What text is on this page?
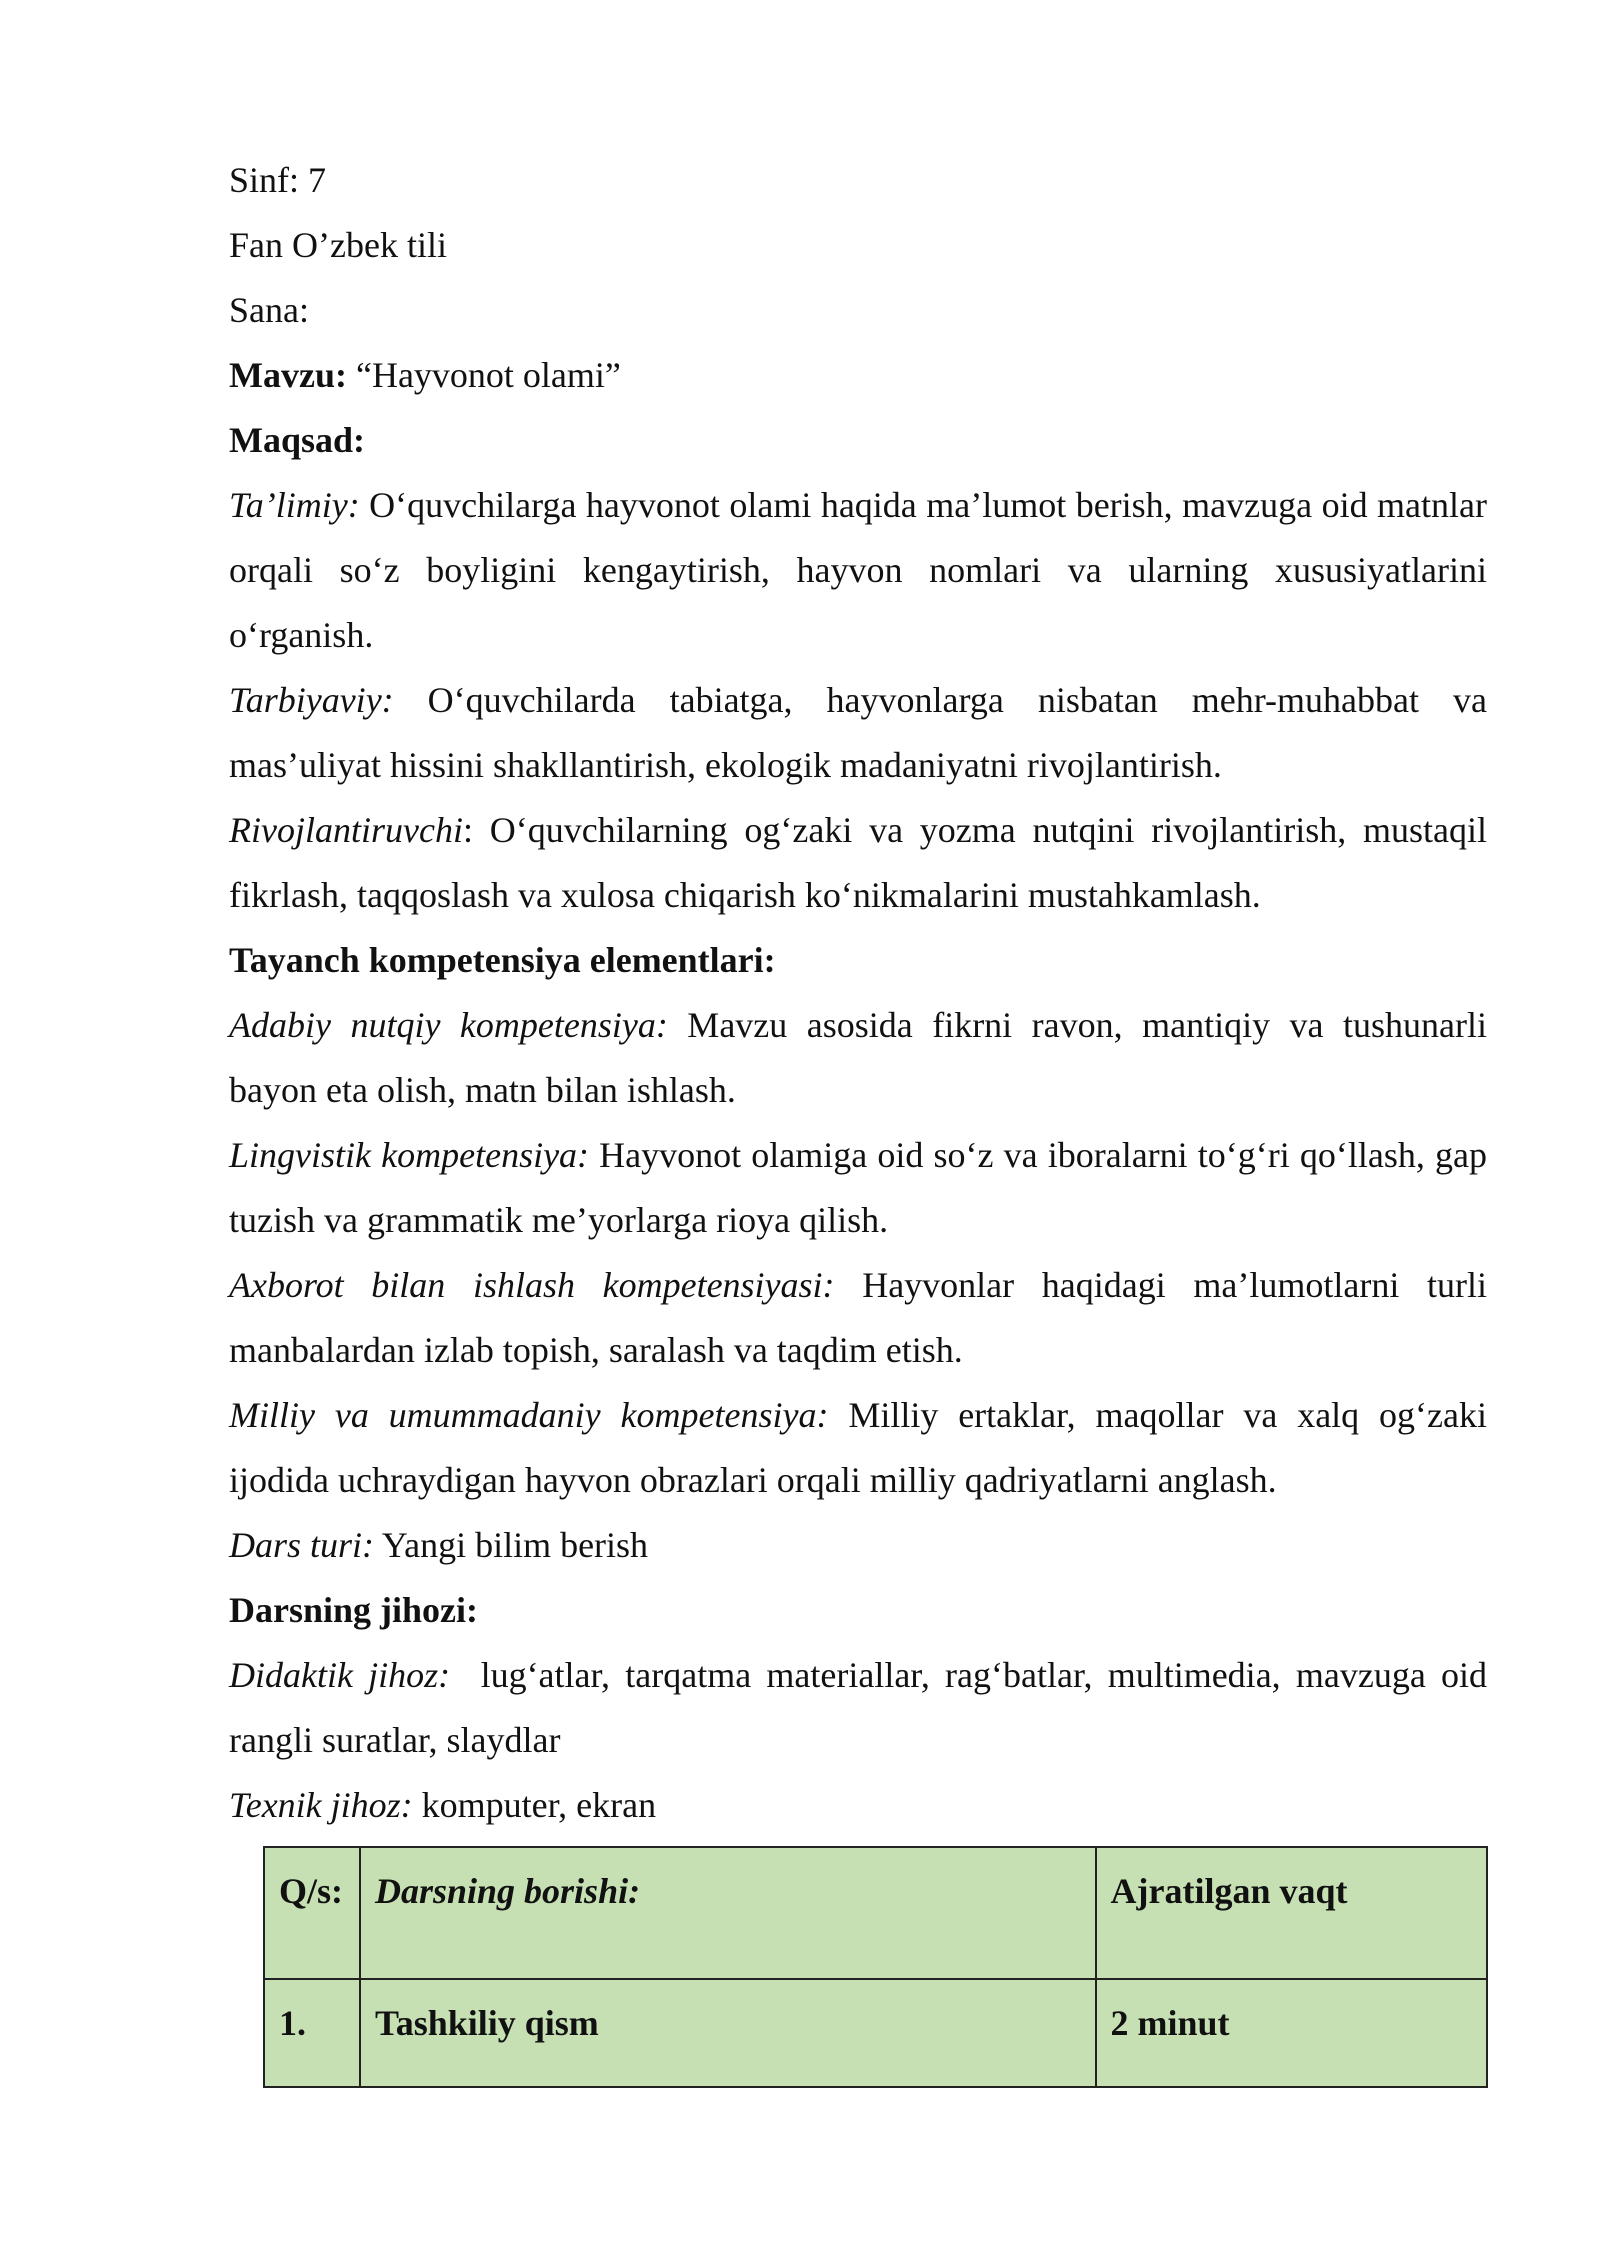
Sinf: 7

Fan O’zbek tili

Sana:

Mavzu: “Hayvonot olami”

Maqsad:

Ta’limiy: O‘quvchilarga hayvonot olami haqida ma’lumot berish, mavzuga oid matnlar orqali so‘z boyligini kengaytirish, hayvon nomlari va ularning xususiyatlarini o‘rganish.

Tarbiyaviy: O‘quvchilarda tabiatga, hayvonlarga nisbatan mehr-muhabbat va mas’uliyat hissini shakllantirish, ekologik madaniyatni rivojlantirish.

Rivojlantiruvchi: O‘quvchilarning og‘zaki va yozma nutqini rivojlantirish, mustaqil fikrlash, taqqoslash va xulosa chiqarish ko‘nikmalarini mustahkamlash.

Tayanch kompetensiya elementlari:

Adabiy nutqiy kompetensiya: Mavzu asosida fikrni ravon, mantiqiy va tushunarli bayon eta olish, matn bilan ishlash.

Lingvistik kompetensiya: Hayvonot olamiga oid so‘z va iboralarni to‘g‘ri qo‘llash, gap tuzish va grammatik me’yorlarga rioya qilish.

Axborot bilan ishlash kompetensiyasi: Hayvonlar haqidagi ma’lumotlarni turli manbalardan izlab topish, saralash va taqdim etish.

Milliy va umummadaniy kompetensiya: Milliy ertaklar, maqollar va xalq og‘zaki ijodida uchraydigan hayvon obrazlari orqali milliy qadriyatlarni anglash.

Dars turi: Yangi bilim berish

Darsning jihozi:

Didaktik jihoz:  lug‘atlar, tarqatma materiallar, rag‘batlar, multimedia, mavzuga oid rangli suratlar, slaydlar

Texnik jihoz: komputer, ekran

Q/s:	Darsning borishi:	Ajratilgan vaqt
1.	Tashkiliy qism	2 minut
